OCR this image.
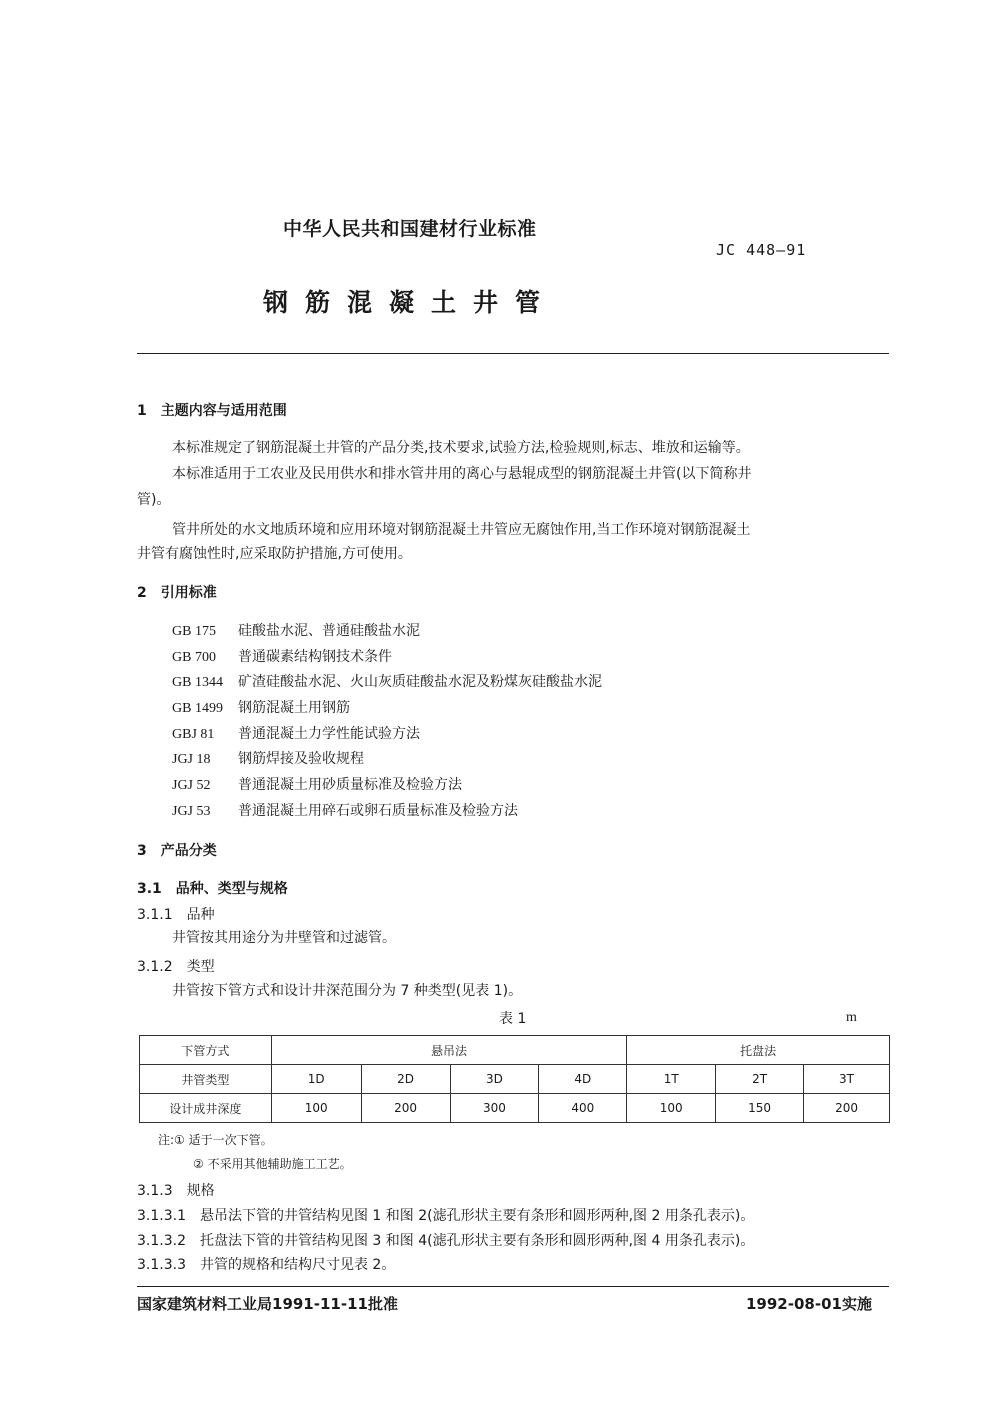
中华人民共和国建材行业标准
JC 448—91
钢筋混凝土井管
1　主题内容与适用范围
本标准规定了钢筋混凝土井管的产品分类,技术要求,试验方法,检验规则,标志、堆放和运输等。
本标准适用于工农业及民用供水和排水管井用的离心与悬辊成型的钢筋混凝土井管(以下简称井
管)。
管井所处的水文地质环境和应用环境对钢筋混凝土井管应无腐蚀作用,当工作环境对钢筋混凝土
井管有腐蚀性时,应采取防护措施,方可使用。
2　引用标准
GB 175 硅酸盐水泥、普通硅酸盐水泥
GB 700 普通碳素结构钢技术条件
GB 1344 矿渣硅酸盐水泥、火山灰质硅酸盐水泥及粉煤灰硅酸盐水泥
GB 1499 钢筋混凝土用钢筋
GBJ 81 普通混凝土力学性能试验方法
JGJ 18 钢筋焊接及验收规程
JGJ 52 普通混凝土用砂质量标准及检验方法
JGJ 53 普通混凝土用碎石或卵石质量标准及检验方法
3　产品分类
3.1　品种、类型与规格
3.1.1　品种
井管按其用途分为井壁管和过滤管。
3.1.2　类型
井管按下管方式和设计井深范围分为 7 种类型(见表 1)。
表 1	m
下管方式	悬吊法				托盘法		
井管类型	1D	2D	3D	4D	1T	2T	3T
设计成井深度	100	200	300	400	100	150	200
注:① 适于一次下管。
② 不采用其他辅助施工工艺。
3.1.3　规格
3.1.3.1　悬吊法下管的井管结构见图 1 和图 2(滤孔形状主要有条形和圆形两种,图 2 用条孔表示)。
3.1.3.2　托盘法下管的井管结构见图 3 和图 4(滤孔形状主要有条形和圆形两种,图 4 用条孔表示)。
3.1.3.3　井管的规格和结构尺寸见表 2。
国家建筑材料工业局1991-11-11批准	1992-08-01实施
